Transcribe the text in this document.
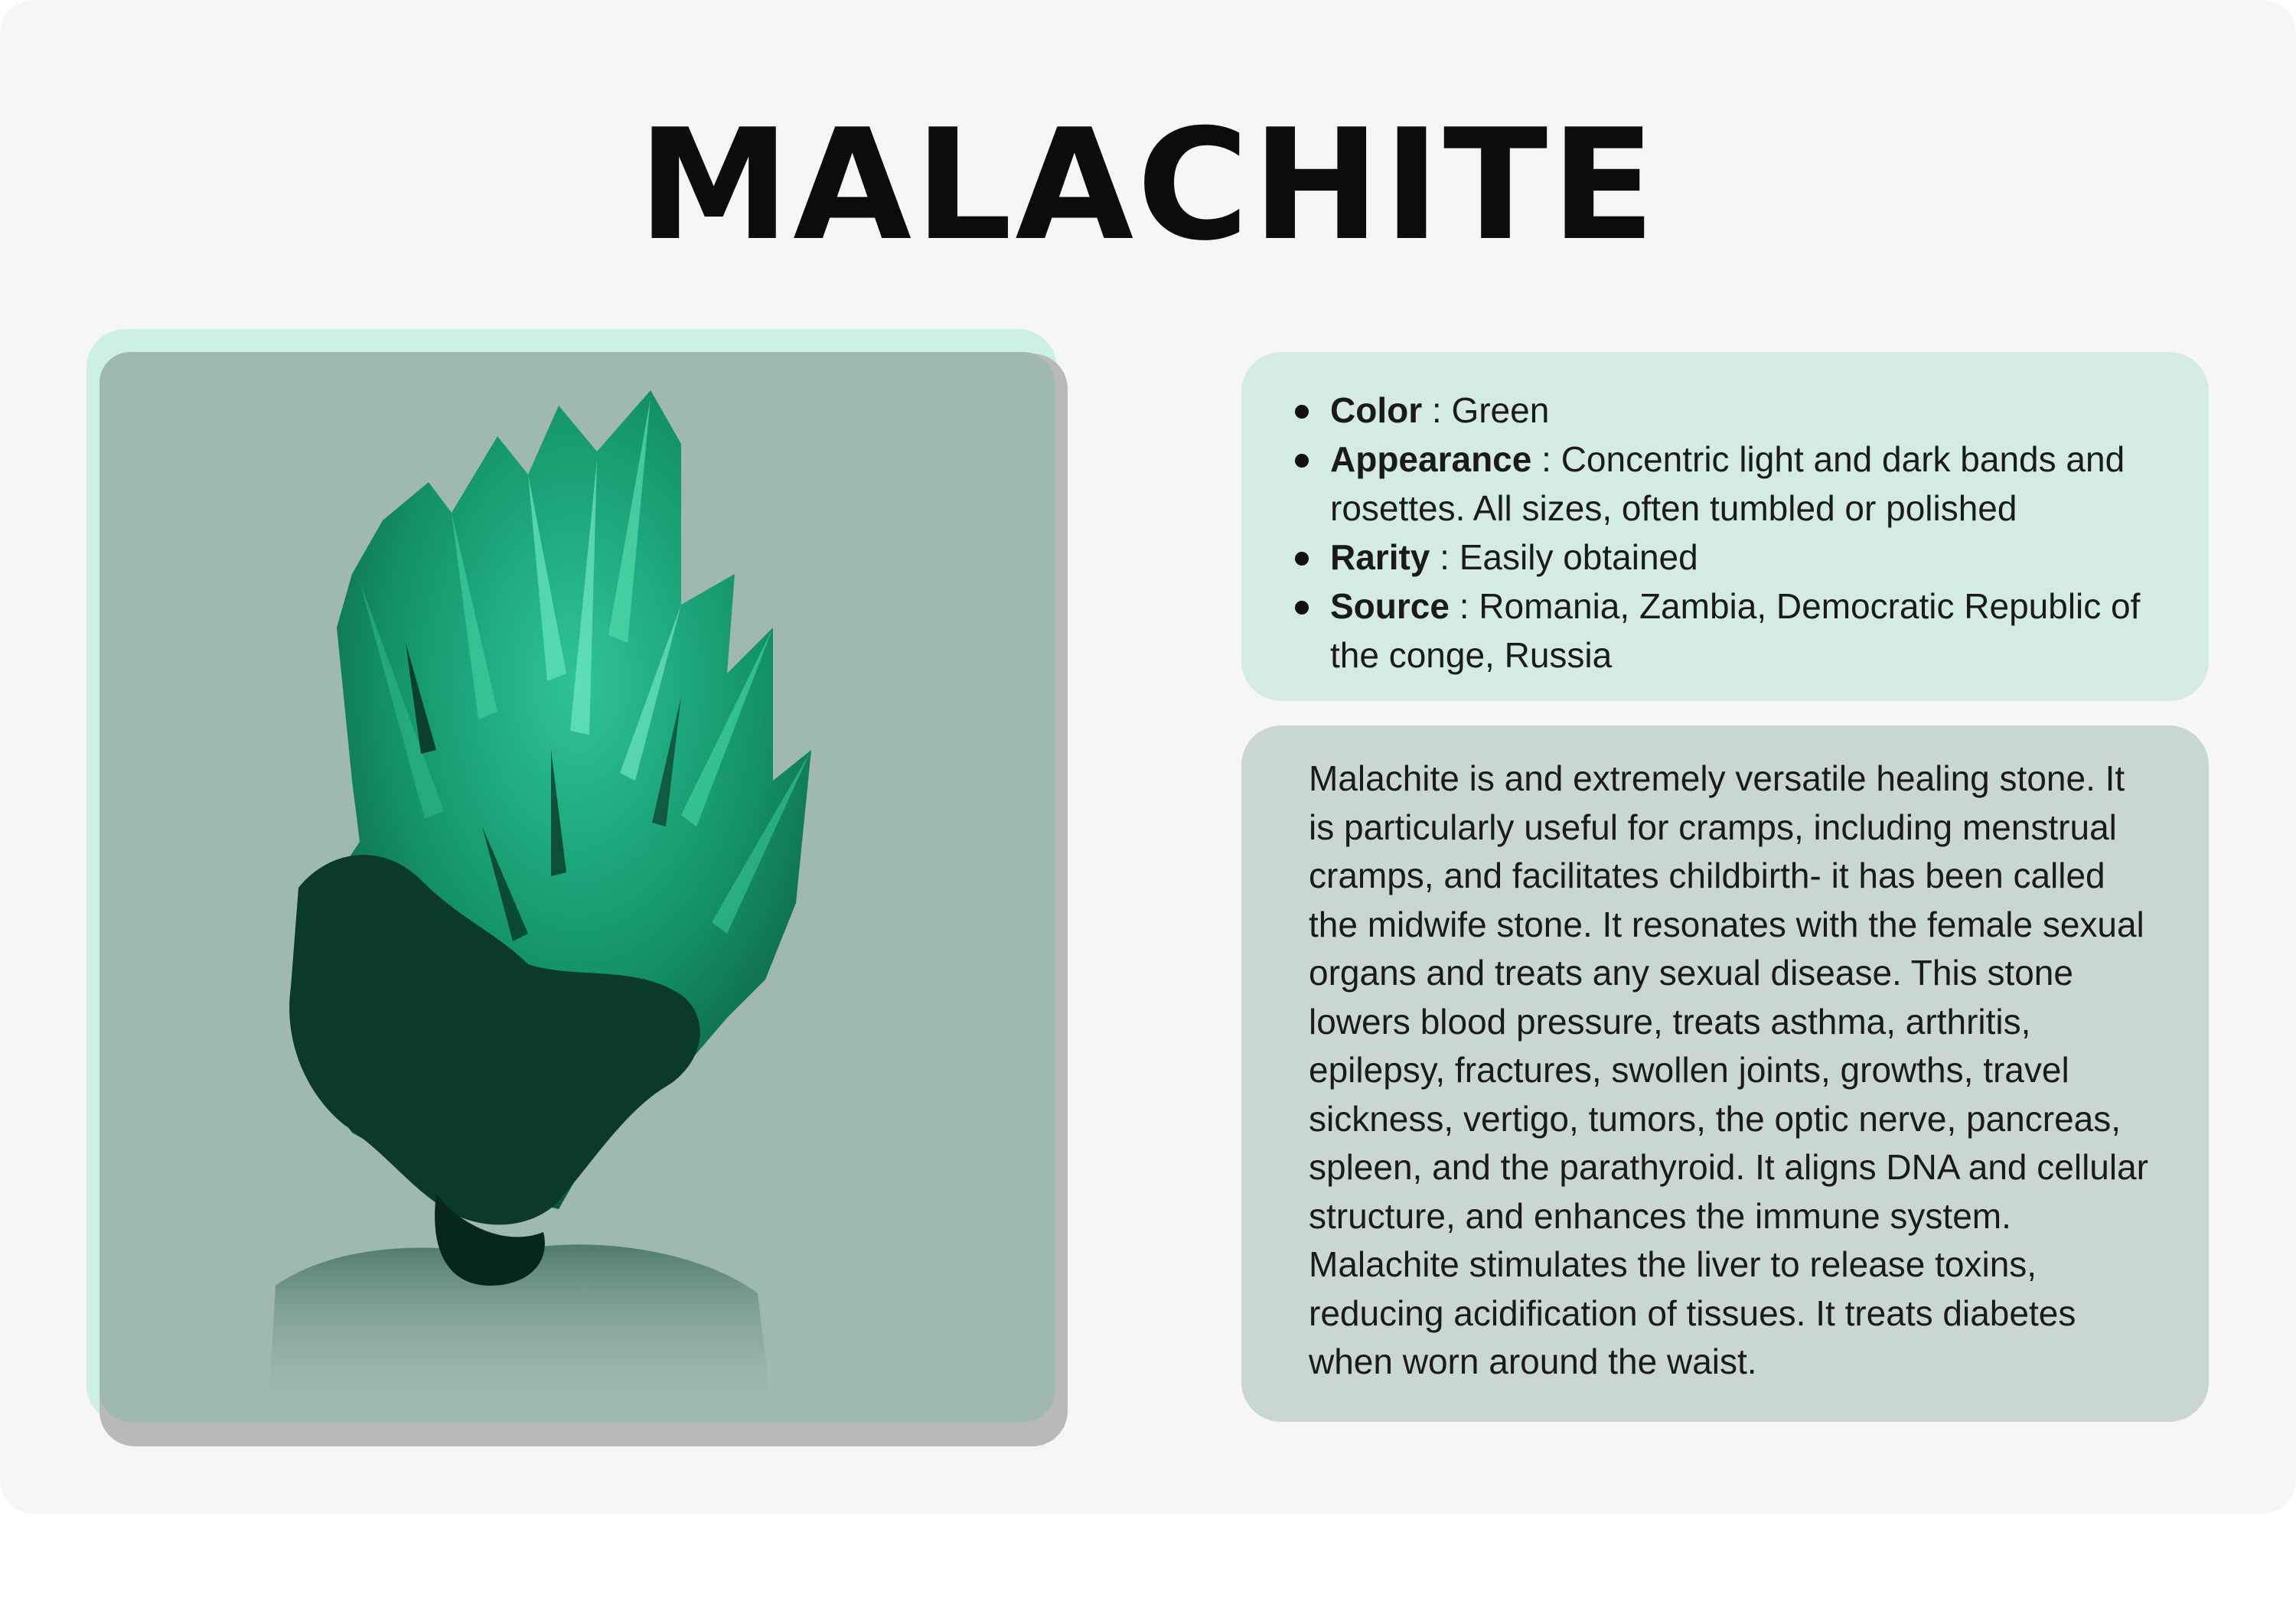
MALACHITE
Color : Green
Appearance : Concentric light and dark bands and rosettes. All sizes, often tumbled or polished
Rarity : Easily obtained
Source : Romania, Zambia, Democratic Republic of the conge, Russia

Malachite is and extremely versatile healing stone. It is particularly useful for cramps, including menstrual cramps, and facilitates childbirth- it has been called the midwife stone. It resonates with the female sexual organs and treats any sexual disease. This stone lowers blood pressure, treats asthma, arthritis, epilepsy, fractures, swollen joints, growths, travel sickness, vertigo, tumors, the optic nerve, pancreas, spleen, and the parathyroid. It aligns DNA and cellular structure, and enhances the immune system. Malachite stimulates the liver to release toxins, reducing acidification of tissues. It treats diabetes when worn around the waist.
